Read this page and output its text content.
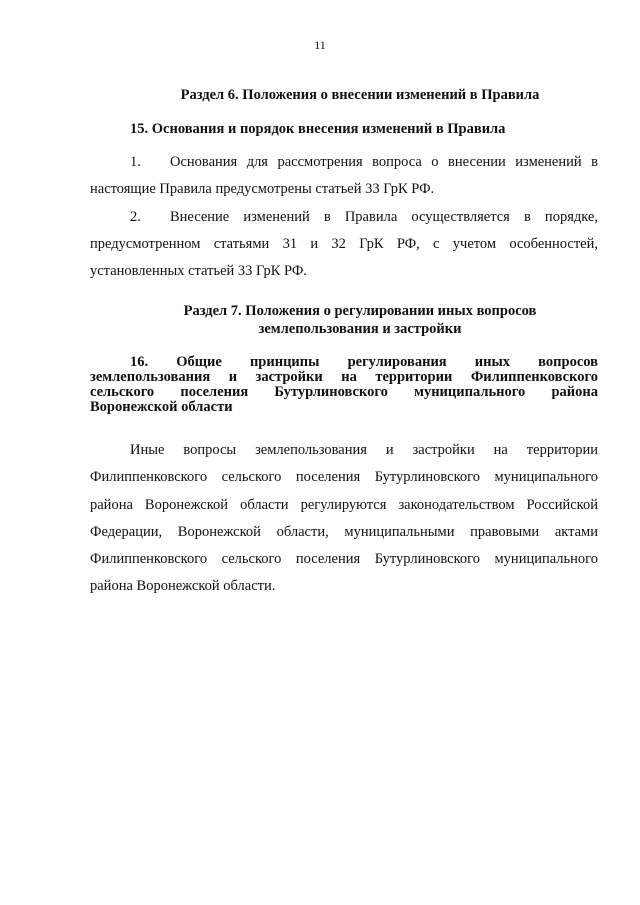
11
Раздел 6. Положения о внесении изменений в Правила
15. Основания и порядок внесения изменений в Правила
1. Основания для рассмотрения вопроса о внесении изменений в
настоящие Правила предусмотрены статьей 33 ГрК РФ.
2. Внесение изменений в Правила осуществляется в порядке,
предусмотренном статьями 31 и 32 ГрК РФ, с учетом особенностей,
установленных статьей 33 ГрК РФ.
Раздел 7. Положения о регулировании иных вопросов
землепользования и застройки
16. Общие принципы регулирования иных вопросов
землепользования и застройки на территории Филиппенковского
сельского поселения Бутурлиновского муниципального района
Воронежской области
Иные вопросы землепользования и застройки на территории
Филиппенковского сельского поселения Бутурлиновского муниципального
района Воронежской области регулируются законодательством Российской
Федерации, Воронежской области, муниципальными правовыми актами
Филиппенковского сельского поселения Бутурлиновского муниципального
района Воронежской области.
